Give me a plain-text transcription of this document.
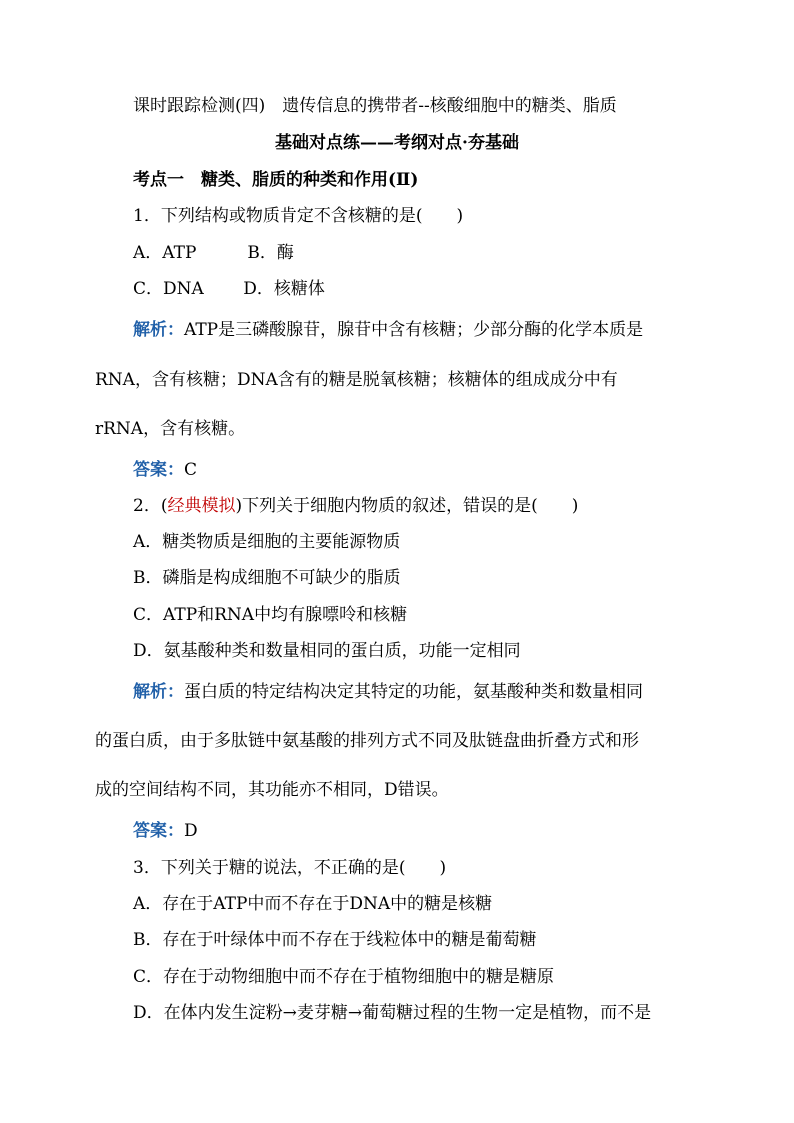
课时跟踪检测(四)　遗传信息的携带者--核酸细胞中的糖类、脂质
基础对点练——考纲对点·夯基础
考点一　糖类、脂质的种类和作用(Ⅱ)
1．下列结构或物质肯定不含核糖的是(　　)
A．ATP　　　B．酶
C．DNA　　 D．核糖体
解析：ATP是三磷酸腺苷，腺苷中含有核糖；少部分酶的化学本质是
RNA，含有核糖；DNA含有的糖是脱氧核糖；核糖体的组成成分中有
rRNA，含有核糖。
答案：C
2．(经典模拟)下列关于细胞内物质的叙述，错误的是(　　)
A．糖类物质是细胞的主要能源物质
B．磷脂是构成细胞不可缺少的脂质
C．ATP和RNA中均有腺嘌呤和核糖
D．氨基酸种类和数量相同的蛋白质，功能一定相同
解析：蛋白质的特定结构决定其特定的功能，氨基酸种类和数量相同
的蛋白质，由于多肽链中氨基酸的排列方式不同及肽链盘曲折叠方式和形
成的空间结构不同，其功能亦不相同，D错误。
答案：D
3．下列关于糖的说法，不正确的是(　　)
A．存在于ATP中而不存在于DNA中的糖是核糖
B．存在于叶绿体中而不存在于线粒体中的糖是葡萄糖
C．存在于动物细胞中而不存在于植物细胞中的糖是糖原
D．在体内发生淀粉→麦芽糖→葡萄糖过程的生物一定是植物，而不是
